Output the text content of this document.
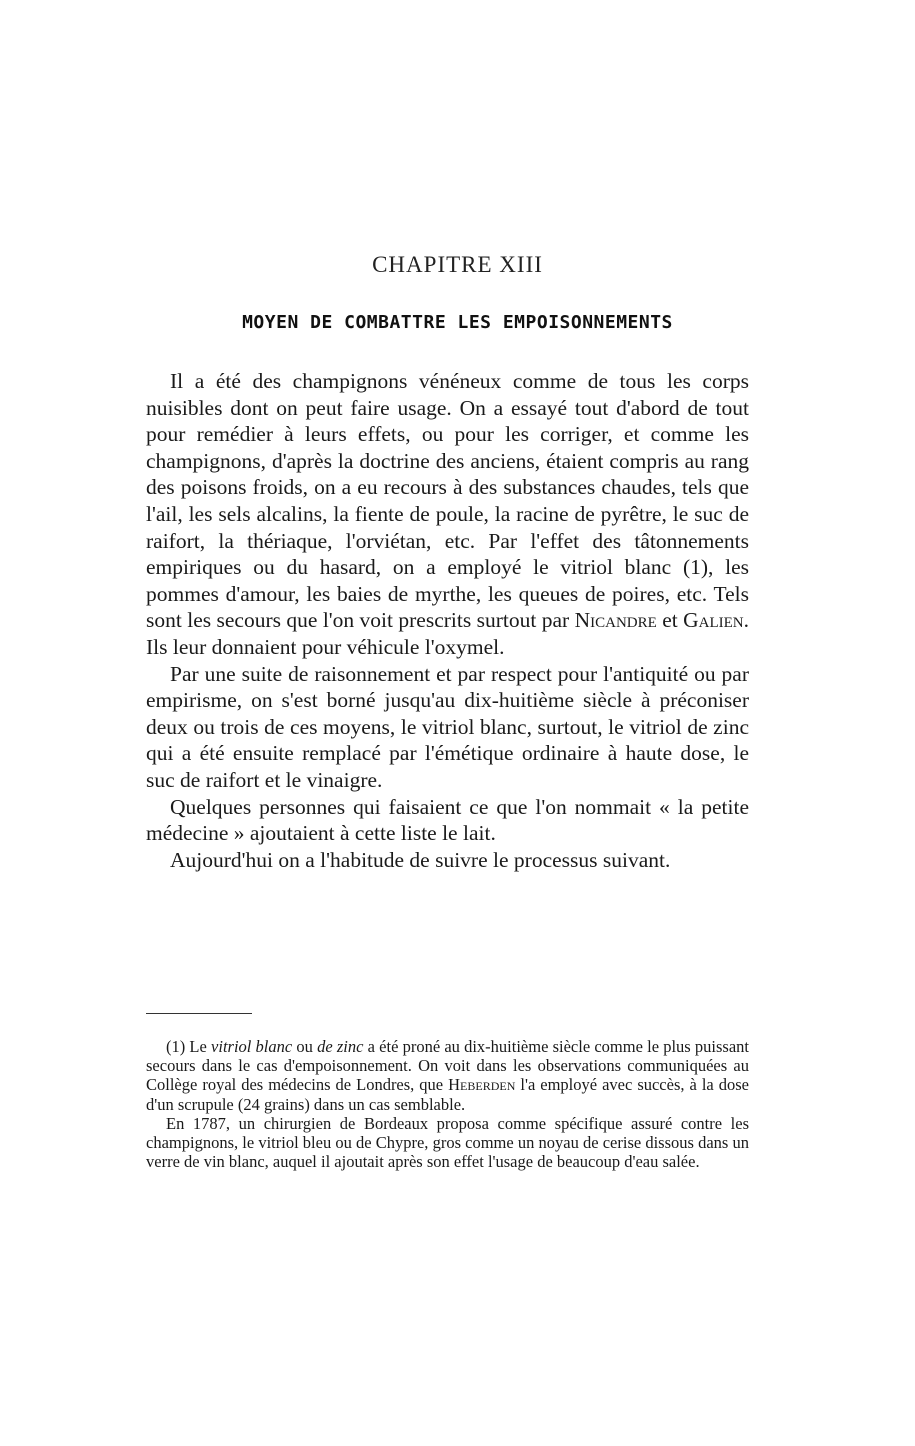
CHAPITRE XIII
MOYEN DE COMBATTRE LES EMPOISONNEMENTS

Il a été des champignons vénéneux comme de tous les corps nuisibles dont on peut faire usage. On a essayé tout d'abord de tout pour remédier à leurs effets, ou pour les corriger, et comme les champignons, d'après la doctrine des anciens, étaient compris au rang des poisons froids, on a eu recours à des substances chaudes, tels que l'ail, les sels alcalins, la fiente de poule, la racine de pyrêtre, le suc de raifort, la thériaque, l'orviétan, etc. Par l'effet des tâtonnements empiriques ou du hasard, on a employé le vitriol blanc (1), les pommes d'amour, les baies de myrthe, les queues de poires, etc. Tels sont les secours que l'on voit prescrits surtout par Nicandre et Galien. Ils leur donnaient pour véhicule l'oxymel.

Par une suite de raisonnement et par respect pour l'antiquité ou par empirisme, on s'est borné jusqu'au dix-huitième siècle à préconiser deux ou trois de ces moyens, le vitriol blanc, surtout, le vitriol de zinc qui a été ensuite remplacé par l'émétique ordinaire à haute dose, le suc de raifort et le vinaigre.

Quelques personnes qui faisaient ce que l'on nommait « la petite médecine » ajoutaient à cette liste le lait.

Aujourd'hui on a l'habitude de suivre le processus suivant.

(1) Le vitriol blanc ou de zinc a été proné au dix-huitième siècle comme le plus puissant secours dans le cas d'empoisonnement. On voit dans les observations communiquées au Collège royal des médecins de Londres, que Heberden l'a employé avec succès, à la dose d'un scrupule (24 grains) dans un cas semblable.

En 1787, un chirurgien de Bordeaux proposa comme spécifique assuré contre les champignons, le vitriol bleu ou de Chypre, gros comme un noyau de cerise dissous dans un verre de vin blanc, auquel il ajoutait après son effet l'usage de beaucoup d'eau salée.
